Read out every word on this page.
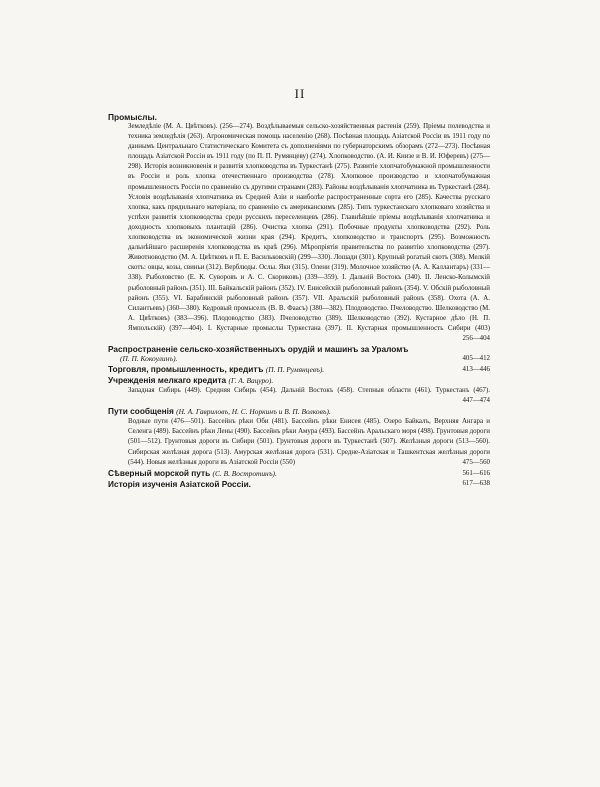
II
Промыслы.

Земледѣліе (М. А. Цвѣтковъ). (256—274). Воздѣлываемыя сельско-хозяйственныя растенія (259). Пріемы полеводства и техника земледѣлія (263). Агрономическая помощь населенію (268). Посѣвная площадь Азіатской Россіи въ 1911 году по даннымъ Центральнаго Статистическаго Комитета съ дополненіями по губернаторскимъ обзорамъ (272—273). Посѣвная площадь Азіатской Россіи въ 1911 году (по П. П. Румянцеву) (274). Хлопководство. (А. И. Книзе и В. И. Юферевъ) (275—298). Исторія возникновенія и развитія хлопководства въ Туркестанѣ (275). Развитіе хлопчатобумажной промышленности въ Россіи и роль хлопка отечественнаго производства (278). Хлопковое производство и хлопчатобумажная промышленность Россіи по сравненію съ другими странами (283). Районы воздѣлыванія хлопчатника въ Туркестанѣ (284). Условія воздѣлыванія хлопчатника въ Средней Азіи и наиболѣе распространенные сорта его (285). Качества русскаго хлопка, какъ прядильнаго матеріала, по сравненію съ американскимъ (285). Типъ туркестанскаго хлопковаго хозяйства и успѣхи развитія хлопководства среди русскихъ переселенцевъ (286). Главнѣйшіе пріемы воздѣлыванія хлопчатника и доходность хлопковыхъ плантацій (286). Очистка хлопка (291). Побочные продукты хлопководства (292). Роль хлопководства въ экономической жизни края (294). Кредитъ, хлопководство и транспортъ (295). Возможность дальнѣйшаго расширенія хлопководства въ краѣ (296). Мѣропріятія правительства по развитію хлопководства (297). Животноводство (М. А. Цвѣтковъ и П. Е. Васильковскій) (299—330). Лошади (301). Крупный рогатый скотъ (308). Мелкій скотъ: овцы, козы, свиньи (312). Верблюды. Ослы. Яки (315). Олени (319). Молочное хозяйство (А. А. Каллантаръ) (331—338). Рыболовство (Е. К. Суворовъ и А. С. Скориковъ) (339—359). I. Дальній Востокъ (340). II. Ленско-Колымскій рыболовный районъ (351). III. Байкальскій районъ (352). IV. Енисейскій рыболовный районъ (354). V. Обскій рыболовный районъ (355). VI. Барабинскій рыболовный районъ (357). VII. Аральскій рыболовный районъ (358). Охота (А. А. Силантьевъ) (360—380). Кедровый промыселъ (В. В. Фаасъ) (380—382). Плодоводство. Пчеловодство. Шелководство (М. А. Цвѣтковъ) (383—396). Плодоводство (383). Пчеловодство (389). Шелководство (392). Кустарное дѣло (Н. П. Ямпольскій) (397—404). I. Кустарные промыслы Туркестана (397). II. Кустарная промышленность Сибири (403)

256—404
Распространеніе сельско-хозяйственныхъ орудій и машинъ за Ураломъ
(П. П. Кокоулинъ).	405—412
Торговля, промышленность, кредитъ (П. П. Румянцевъ).	413—446
Учрежденія мелкаго кредита (Г. А. Вацуро).

Западная Сибирь (449). Средняя Сибирь (454). Дальній Востокъ (458). Степныя области (461). Туркестанъ (467).

447—474
Пути сообщенія (Н. А. Гавриловъ, Н. С. Норкинъ и В. П. Волковъ).

Водные пути (476—501). Бассейнъ рѣки Оби (481). Бассейнъ рѣки Енисея (485). Озеро Байкалъ, Верхняя Ангара и Селенга (489). Бассейнъ рѣки Лены (490). Бассейнъ рѣки Амура (493). Бассейнъ Аральскаго моря (498). Грунтовыя дороги (501—512). Грунтовыя дороги въ Сибири (501). Грунтовыя дороги въ Туркестанѣ (507). Желѣзныя дороги (513—560). Сибирская желѣзная дорога (513). Амурская желѣзная дорога (531). Средне-Азіатская и Ташкентская желѣзныя дороги (544). Новыя желѣзныя дороги въ Азіатской Россіи (550)	475—560
Сѣверный морской путь (С. В. Востротинъ).	561—616
Исторія изученія Азіатской Россіи.	617—638
